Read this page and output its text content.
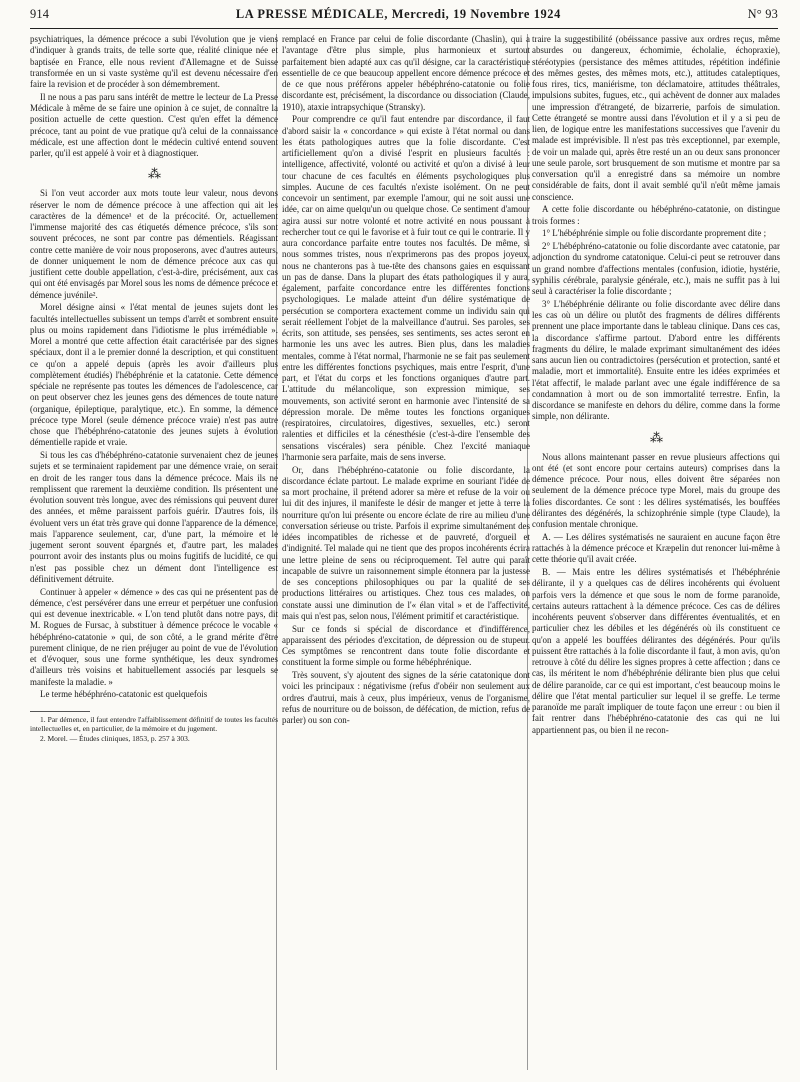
914	LA PRESSE MÉDICALE, Mercredi, 19 Novembre 1924	N° 93

psychiatriques, la démence précoce a subi l'évolution que je viens d'indiquer à grands traits, de telle sorte que, réalité clinique née et baptisée en France, elle nous revient d'Allemagne et de Suisse transformée en un si vaste système qu'il est devenu nécessaire d'en faire la revision et de procéder à son démembrement.

Il ne nous a pas paru sans intérêt de mettre le lecteur de La Presse Médicale à même de se faire une opinion à ce sujet, de connaître la position actuelle de cette question. C'est qu'en effet la démence précoce, tant au point de vue pratique qu'à celui de la connaissance médicale, est une affection dont le médecin cultivé entend souvent parler, qu'il est appelé à voir et à diagnostiquer.

⁂

Si l'on veut accorder aux mots toute leur valeur, nous devons réserver le nom de démence précoce à une affection qui ait les caractères de la démence¹ et de la précocité. Or, actuellement l'immense majorité des cas étiquetés démence précoce, s'ils sont souvent précoces, ne sont par contre pas démentiels. Réagissant contre cette manière de voir nous proposerons, avec d'autres auteurs, de donner uniquement le nom de démence précoce aux cas qui justifient cette double appellation, c'est-à-dire, précisément, aux cas qui ont été envisagés par Morel sous les noms de démence précoce et démence juvénile².

Morel désigne ainsi « l'état mental de jeunes sujets dont les facultés intellectuelles subissent un temps d'arrêt et sombrent ensuite plus ou moins rapidement dans l'idiotisme le plus irrémédiable ». Morel a montré que cette affection était caractérisée par des signes spéciaux, dont il a le premier donné la description, et qui constituent ce qu'on a appelé depuis (après les avoir d'ailleurs plus complètement étudiés) l'hébéphrénie et la catatonie. Cette démence spéciale ne représente pas toutes les démences de l'adolescence, car on peut observer chez les jeunes gens des démences de toute nature (organique, épileptique, paralytique, etc.). En somme, la démence précoce type Morel (seule démence précoce vraie) n'est pas autre chose que l'hébéphréno-catatonie des jeunes sujets à évolution démentielle rapide et vraie.

Si tous les cas d'hébéphréno-catatonie survenaient chez de jeunes sujets et se terminaient rapidement par une démence vraie, on serait en droit de les ranger tous dans la démence précoce. Mais ils ne remplissent que rarement la deuxième condition. Ils présentent une évolution souvent très longue, avec des rémissions qui peuvent durer des années, et même paraissent parfois guérir. D'autres fois, ils évoluent vers un état très grave qui donne l'apparence de la démence, mais l'apparence seulement, car, d'une part, la mémoire et le jugement seront souvent épargnés et, d'autre part, les malades pourront avoir des instants plus ou moins fugitifs de lucidité, ce qui n'est pas possible chez un dément dont l'intelligence est définitivement détruite.

Continuer à appeler « démence » des cas qui ne présentent pas de démence, c'est persévérer dans une erreur et perpétuer une confusion qui est devenue inextricable. « L'on tend plutôt dans notre pays, dit M. Rogues de Fursac, à substituer à démence précoce le vocable « hébéphréno-catatonie » qui, de son côté, a le grand mérite d'être purement clinique, de ne rien préjuger au point de vue de l'évolution et d'évoquer, sous une forme synthétique, les deux syndromes d'ailleurs très voisins et habituellement associés par lesquels se manifeste la maladie. »

Le terme hébéphréno-catatonic est quelquefois

1. Par démence, il faut entendre l'affaiblissement définitif de toutes les facultés intellectuelles et, en particulier, de la mémoire et du jugement.

2. Morel. — Études cliniques, 1853, p. 257 à 303.

remplacé en France par celui de folie discordante (Chaslin), qui a l'avantage d'être plus simple, plus harmonieux et surtout parfaitement bien adapté aux cas qu'il désigne, car la caractéristique essentielle de ce que beaucoup appellent encore démence précoce et de ce que nous préférons appeler hébéphréno-catatonie ou folie discordante est, précisément, la discordance ou dissociation (Claude, 1910), ataxie intrapsychique (Stransky).

Pour comprendre ce qu'il faut entendre par discordance, il faut d'abord saisir la « concordance » qui existe à l'état normal ou dans les états pathologiques autres que la folie discordante. C'est artificiellement qu'on a divisé l'esprit en plusieurs facultés : intelligence, affectivité, volonté ou activité et qu'on a divisé à leur tour chacune de ces facultés en éléments psychologiques plus simples. Aucune de ces facultés n'existe isolément. On ne peut concevoir un sentiment, par exemple l'amour, qui ne soit aussi une idée, car on aime quelqu'un ou quelque chose. Ce sentiment d'amour agira aussi sur notre volonté et notre activité en nous poussant à rechercher tout ce qui le favorise et à fuir tout ce qui le contrarie. Il y aura concordance parfaite entre toutes nos facultés. De même, si nous sommes tristes, nous n'exprimerons pas des propos joyeux, nous ne chanterons pas à tue-tête des chansons gaies en esquissant un pas de danse. Dans la plupart des états pathologiques il y aura, également, parfaite concordance entre les différentes fonctions psychologiques. Le malade atteint d'un délire systématique de persécution se comportera exactement comme un individu sain qui serait réellement l'objet de la malveillance d'autrui. Ses paroles, ses écrits, son attitude, ses pensées, ses sentiments, ses actes seront en harmonie les uns avec les autres. Bien plus, dans les maladies mentales, comme à l'état normal, l'harmonie ne se fait pas seulement entre les différentes fonctions psychiques, mais entre l'esprit, d'une part, et l'état du corps et les fonctions organiques d'autre part. L'attitude du mélancolique, son expression mimique, ses mouvements, son activité seront en harmonie avec l'intensité de sa dépression morale. De même toutes les fonctions organiques (respiratoires, circulatoires, digestives, sexuelles, etc.) seront ralenties et difficiles et la cénesthésie (c'est-à-dire l'ensemble des sensations viscérales) sera pénible. Chez l'excité maniaque l'harmonie sera parfaite, mais de sens inverse.

Or, dans l'hébéphréno-catatonie ou folie discordante, la discordance éclate partout. Le malade exprime en souriant l'idée de sa mort prochaine, il prétend adorer sa mère et refuse de la voir ou lui dit des injures, il manifeste le désir de manger et jette à terre la nourriture qu'on lui présente ou encore éclate de rire au milieu d'une conversation sérieuse ou triste. Parfois il exprime simultanément des idées incompatibles de richesse et de pauvreté, d'orgueil et d'indignité. Tel malade qui ne tient que des propos incohérents écrira une lettre pleine de sens ou réciproquement. Tel autre qui paraît incapable de suivre un raisonnement simple étonnera par la justesse de ses conceptions philosophiques ou par la qualité de ses productions littéraires ou artistiques. Chez tous ces malades, on constate aussi une diminution de l'« élan vital » et de l'affectivité, mais qui n'est pas, selon nous, l'élément primitif et caractéristique.

Sur ce fonds si spécial de discordance et d'indifférence, apparaissent des périodes d'excitation, de dépression ou de stupeur. Ces symptômes se rencontrent dans toute folie discordante et constituent la forme simple ou forme hébéphrénique.

Très souvent, s'y ajoutent des signes de la série catatonique dont voici les principaux : négativisme (refus d'obéir non seulement aux ordres d'autrui, mais à ceux, plus impérieux, venus de l'organisme, refus de nourriture ou de boisson, de défécation, de miction, refus de parler) ou son con-

traire la suggestibilité (obéissance passive aux ordres reçus, même absurdes ou dangereux, échomimie, écholalie, échopraxie), stéréotypies (persistance des mêmes attitudes, répétition indéfinie des mêmes gestes, des mêmes mots, etc.), attitudes cataleptiques, fous rires, tics, maniérisme, ton déclamatoire, attitudes théâtrales, impulsions subites, fugues, etc., qui achèvent de donner aux malades une impression d'étrangeté, de bizarrerie, parfois de simulation. Cette étrangeté se montre aussi dans l'évolution et il y a si peu de lien, de logique entre les manifestations successives que l'avenir du malade est imprévisible. Il n'est pas très exceptionnel, par exemple, de voir un malade qui, après être resté un an ou deux sans prononcer une seule parole, sort brusquement de son mutisme et montre par sa conversation qu'il a enregistré dans sa mémoire un nombre considérable de faits, dont il avait semblé qu'il n'eût même jamais conscience.

A cette folie discordante ou hébéphréno-catatonie, on distingue trois formes :

1° L'hébéphrénie simple ou folie discordante proprement dite ;

2° L'hébéphréno-catatonie ou folie discordante avec catatonie, par adjonction du syndrome catatonique. Celui-ci peut se retrouver dans un grand nombre d'affections mentales (confusion, idiotie, hystérie, syphilis cérébrale, paralysie générale, etc.), mais ne suffit pas à lui seul à caractériser la folie discordante ;

3° L'hébéphrénie délirante ou folie discordante avec délire dans les cas où un délire ou plutôt des fragments de délires différents prennent une place importante dans le tableau clinique. Dans ces cas, la discordance s'affirme partout. D'abord entre les différents fragments du délire, le malade exprimant simultanément des idées sans aucun lien ou contradictoires (persécution et protection, santé et maladie, mort et immortalité). Ensuite entre les idées exprimées et l'état affectif, le malade parlant avec une égale indifférence de sa condamnation à mort ou de son immortalité terrestre. Enfin, la discordance se manifeste en dehors du délire, comme dans la forme simple, non délirante.

⁂

Nous allons maintenant passer en revue plusieurs affections qui ont été (et sont encore pour certains auteurs) comprises dans la démence précoce. Pour nous, elles doivent être séparées non seulement de la démence précoce type Morel, mais du groupe des folies discordantes. Ce sont : les délires systématisés, les bouffées délirantes des dégénérés, la schizophrénie simple (type Claude), la confusion mentale chronique.

A. — Les délires systématisés ne sauraient en aucune façon être rattachés à la démence précoce et Kræpelin dut renoncer lui-même à cette théorie qu'il avait créée.

B. — Mais entre les délires systématisés et l'hébéphrénie délirante, il y a quelques cas de délires incohérents qui évoluent parfois vers la démence et que sous le nom de forme paranoïde, certains auteurs rattachent à la démence précoce. Ces cas de délires incohérents peuvent s'observer dans différentes éventualités, et en particulier chez les débiles et les dégénérés où ils constituent ce qu'on a appelé les bouffées délirantes des dégénérés. Pour qu'ils puissent être rattachés à la folie discordante il faut, à mon avis, qu'on retrouve à côté du délire les signes propres à cette affection ; dans ce cas, ils méritent le nom d'hébéphrénie délirante bien plus que celui de délire paranoïde, car ce qui est important, c'est beaucoup moins le délire que l'état mental particulier sur lequel il se greffe. Le terme paranoïde me paraît impliquer de toute façon une erreur : ou bien il fait rentrer dans l'hébéphréno-catatonie des cas qui ne lui appartiennent pas, ou bien il ne recon-
